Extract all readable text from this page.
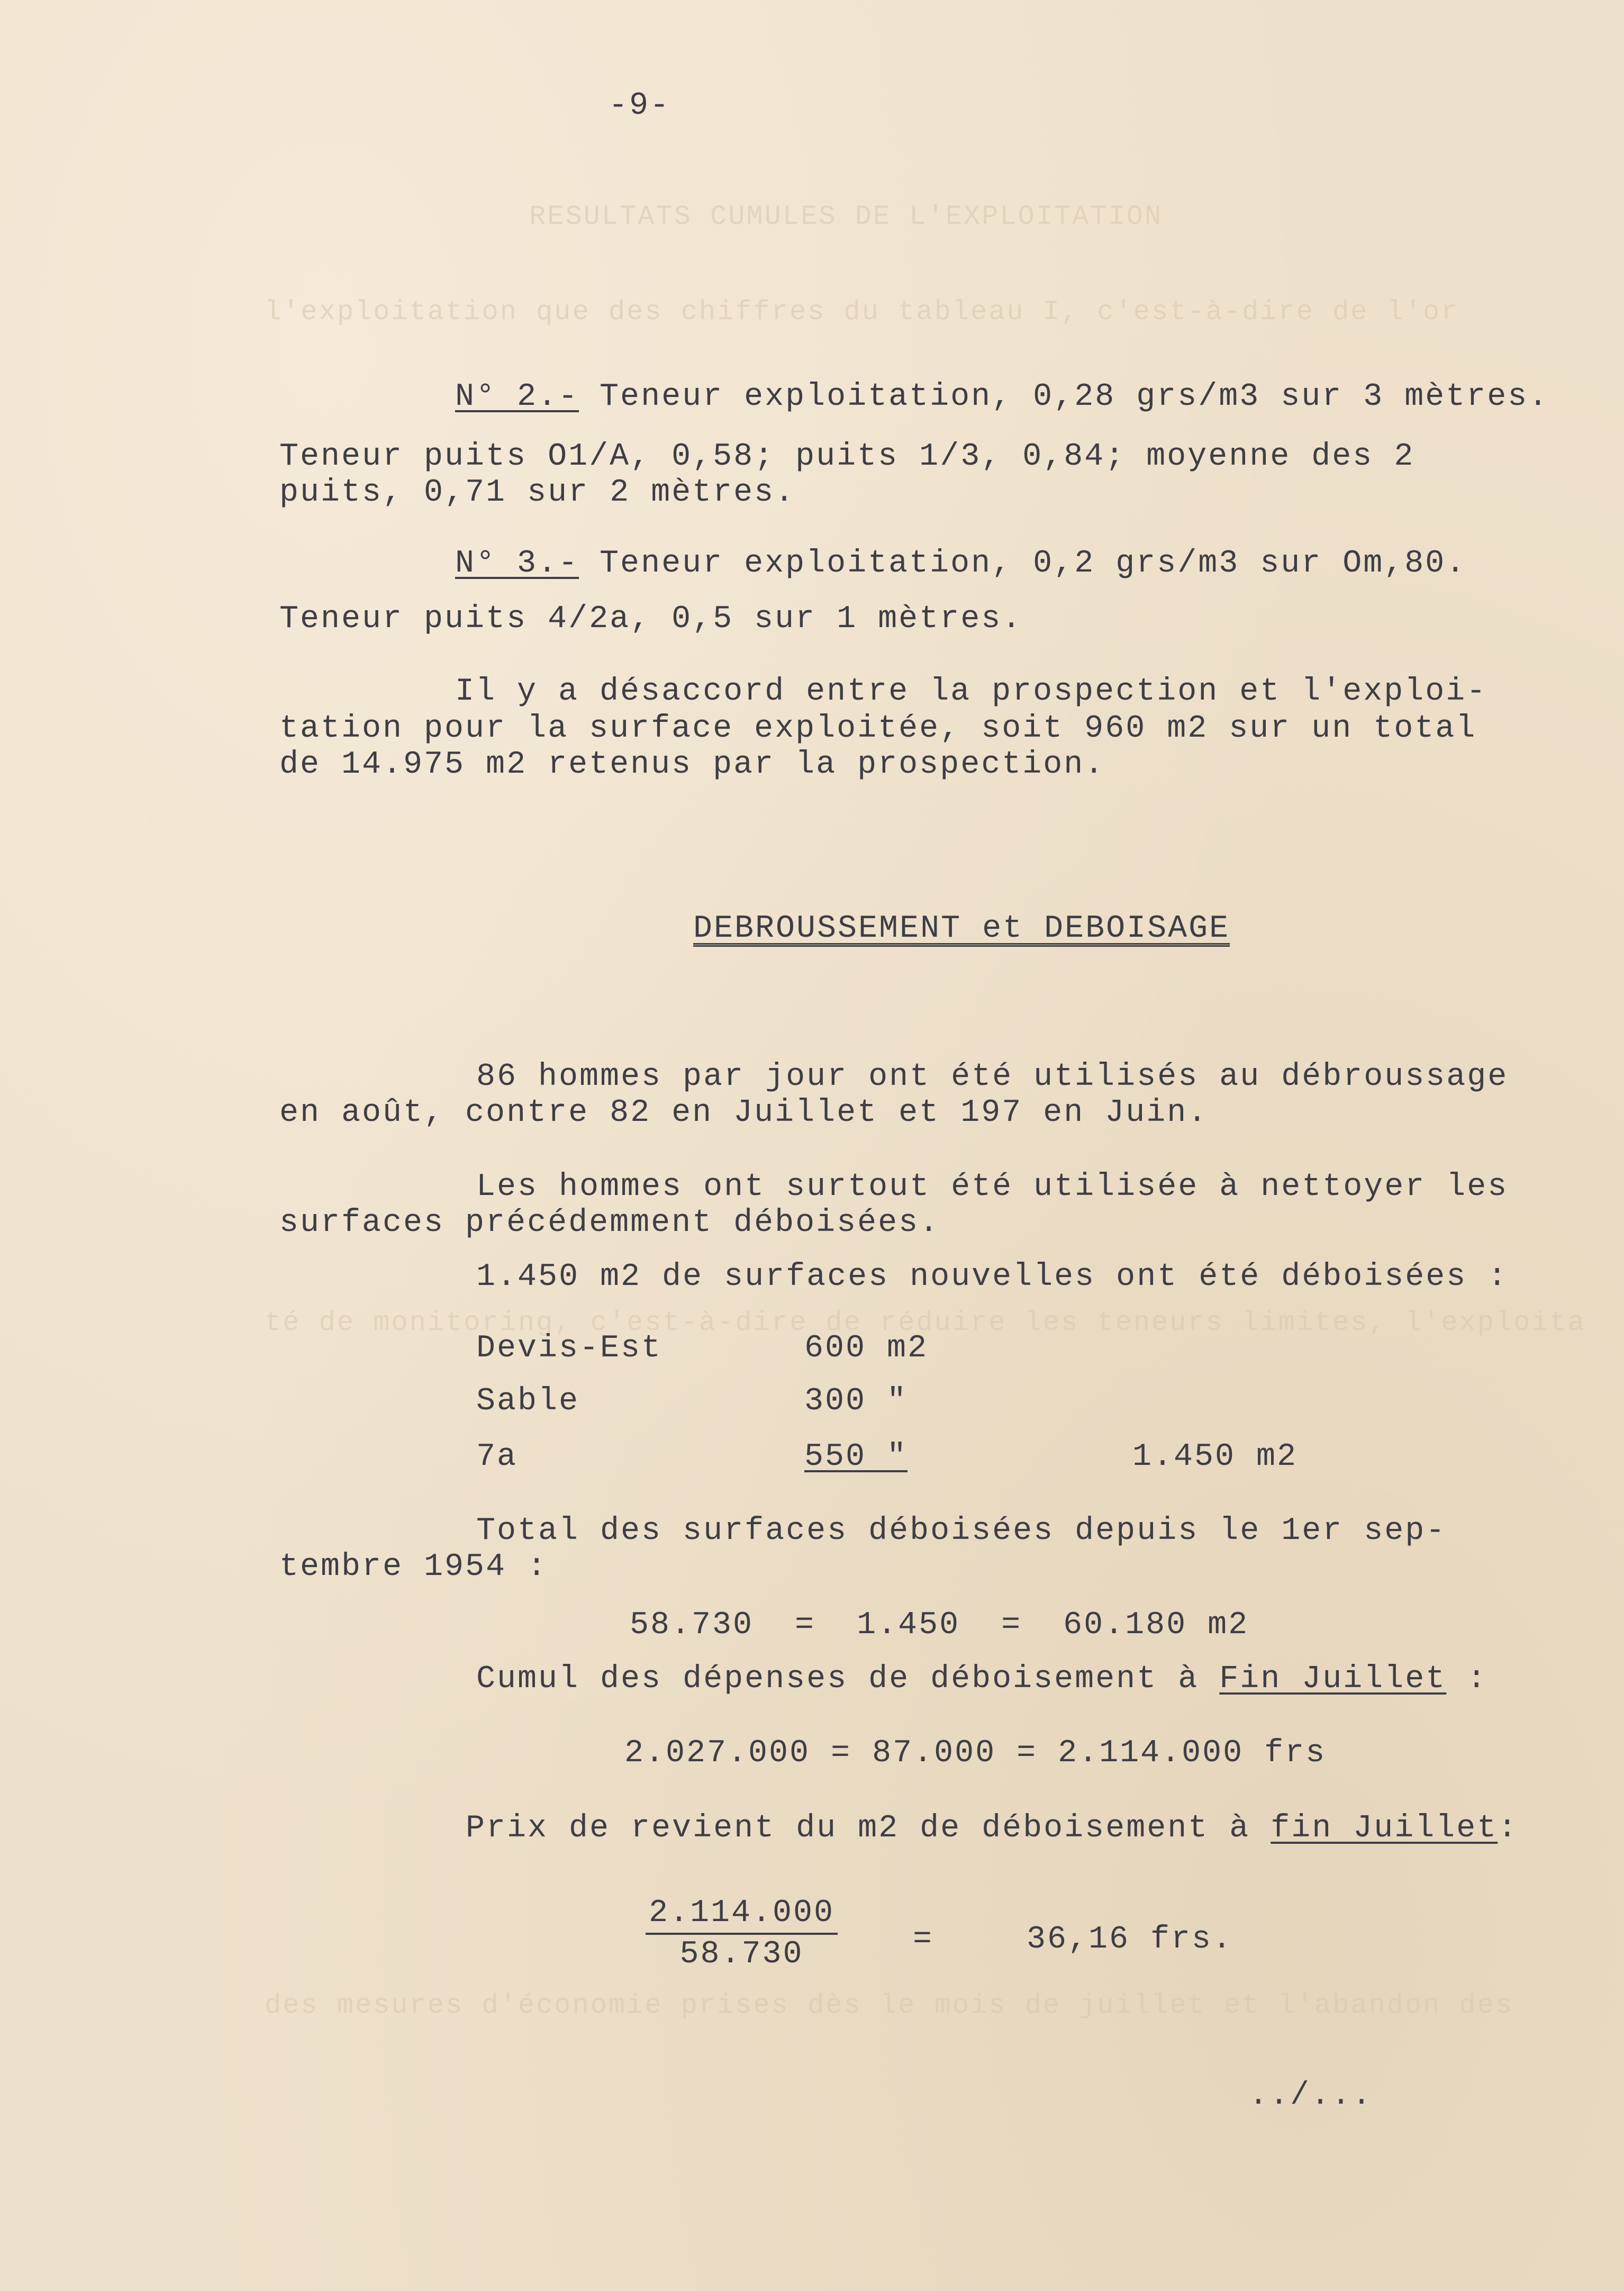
RESULTATS CUMULES DE L'EXPLOITATION
l'exploitation que des chiffres du tableau I, c'est-à-dire de l'or
té de monitoring, c'est-à-dire de réduire les teneurs limites, l'exploita
des mesures d'économie prises dès le mois de juillet et l'abandon des
-9-
N° 2.- Teneur exploitation, 0,28 grs/m3 sur 3 mètres.
Teneur puits O1/A, 0,58; puits 1/3, 0,84; moyenne des 2
puits, 0,71 sur 2 mètres.
N° 3.- Teneur exploitation, 0,2 grs/m3 sur Om,80.
Teneur puits 4/2a, 0,5 sur 1 mètres.
Il y a désaccord entre la prospection et l'exploi-
tation pour la surface exploitée, soit 960 m2 sur un total
de 14.975 m2 retenus par la prospection.
DEBROUSSEMENT et DEBOISAGE
86 hommes par jour ont été utilisés au débroussage
en août, contre 82 en Juillet et 197 en Juin.
Les hommes ont surtout été utilisée à nettoyer les
surfaces précédemment déboisées.
1.450 m2 de surfaces nouvelles ont été déboisées :
Devis-Est	600 m2
Sable	300 "
7a	550 "	1.450 m2
Total des surfaces déboisées depuis le 1er sep-
tembre 1954 :
58.730  =  1.450  =  60.180 m2
Cumul des dépenses de déboisement à Fin Juillet :
2.027.000 = 87.000 = 2.114.000 frs
Prix de revient du m2 de déboisement à fin Juillet:
$\frac{2.114.000}{58.730}$ =	36,16 frs.
../...
